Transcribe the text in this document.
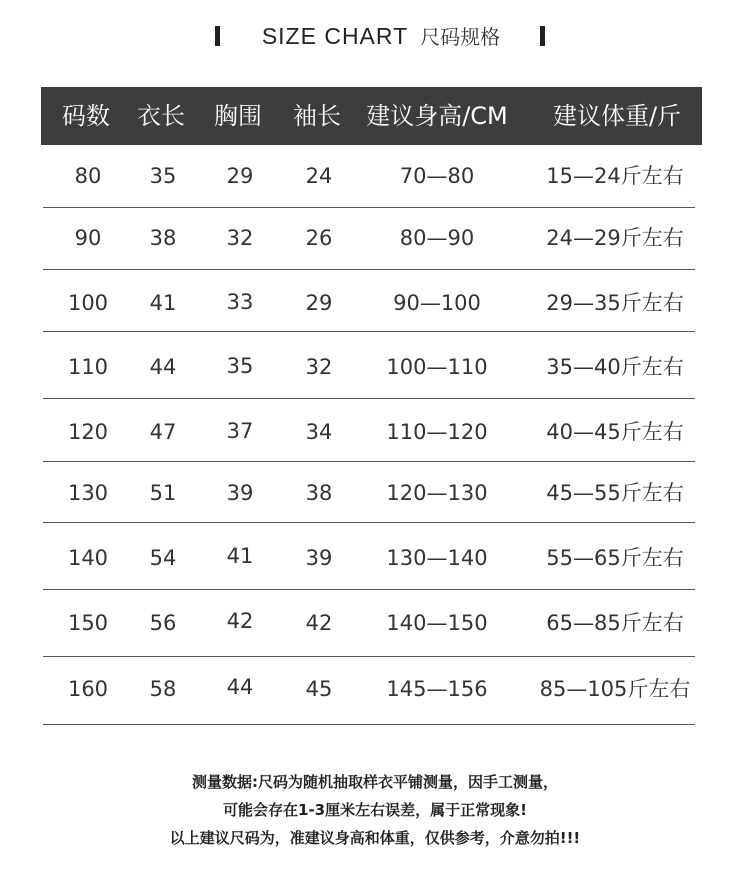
SIZE CHART 尺码规格
码数	衣长	胸围	袖长	建议身高/CM	建议体重/斤
80	35	29	24	70—80	15—24斤左右
90	38	32	26	80—90	24—29斤左右
100	41	33	29	90—100	29—35斤左右
110	44	35	32	100—110	35—40斤左右
120	47	37	34	110—120	40—45斤左右
130	51	39	38	120—130	45—55斤左右
140	54	41	39	130—140	55—65斤左右
150	56	42	42	140—150	65—85斤左右
160	58	44	45	145—156	85—105斤左右
测量数据:尺码为随机抽取样衣平铺测量，因手工测量，
可能会存在1-3厘米左右误差，属于正常现象!
以上建议尺码为，准建议身高和体重，仅供参考，介意勿拍!!!
